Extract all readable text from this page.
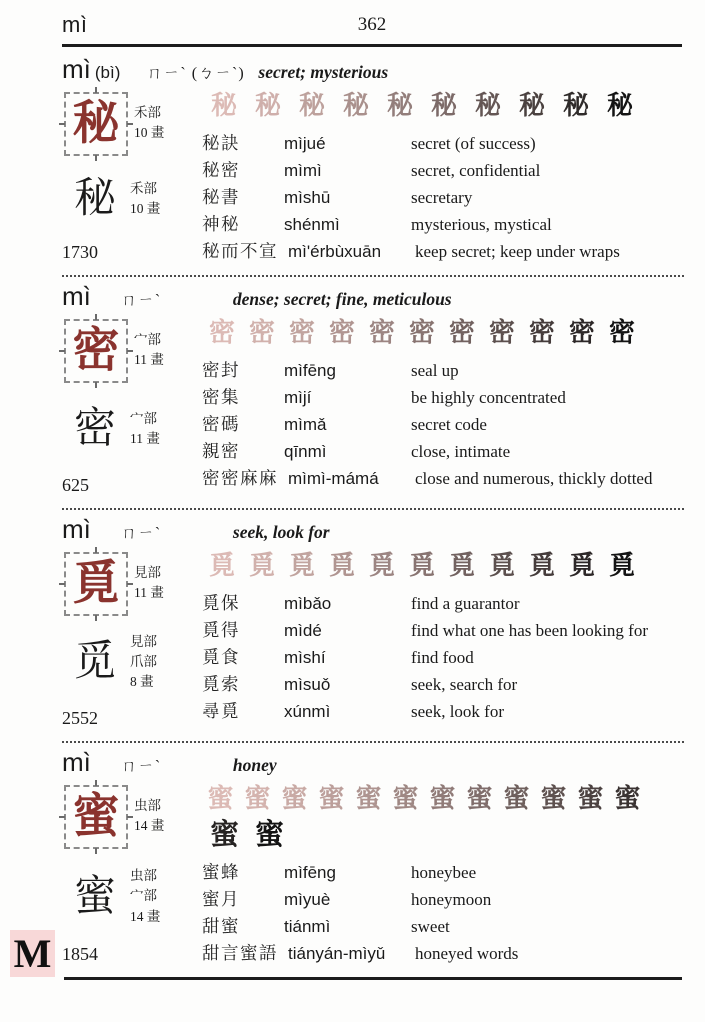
mì	362
mì (bì) ㄇㄧˋ (ㄅㄧˋ) secret; mysterious
秘 禾部
10 畫
秘	禾部
10 畫
1730
秘 秘 秘 秘 秘 秘 秘 秘 秘 秘
秘訣	mìjué	secret (of success)
秘密	mìmì	secret, confidential
秘書	mìshū	secretary
神秘	shénmì	mysterious, mystical
秘而不宣 mì'érbùxuān	keep secret; keep under wraps
mì ㄇㄧˋ	dense; secret; fine, meticulous
密 宀部
11 畫
密	宀部
11 畫
625
密 密 密 密 密 密 密 密 密 密 密
密封	mìfēng	seal up
密集	mìjí	be highly concentrated
密碼	mìmǎ	secret code
親密	qīnmì	close, intimate
密密麻麻 mìmì-mámá	close and numerous, thickly dotted
mì ㄇㄧˋ	seek, look for
覓 見部
11 畫
觅	見部
爪部
8 畫
2552
覓 覓 覓 覓 覓 覓 覓 覓 覓 覓 覓
覓保	mìbǎo	find a guarantor
覓得	mìdé	find what one has been looking for
覓食	mìshí	find food
覓索	mìsuǒ	seek, search for
尋覓	xúnmì	seek, look for
mì ㄇㄧˋ	honey
蜜 虫部
14 畫
蜜	虫部
宀部
14 畫
1854
蜜 蜜 蜜 蜜 蜜 蜜 蜜 蜜 蜜 蜜 蜜 蜜
蜜 蜜
蜜蜂	mìfēng	honeybee
蜜月	mìyuè	honeymoon
甜蜜	tiánmì	sweet
甜言蜜語 tiányán-mìyǔ	honeyed words
M
